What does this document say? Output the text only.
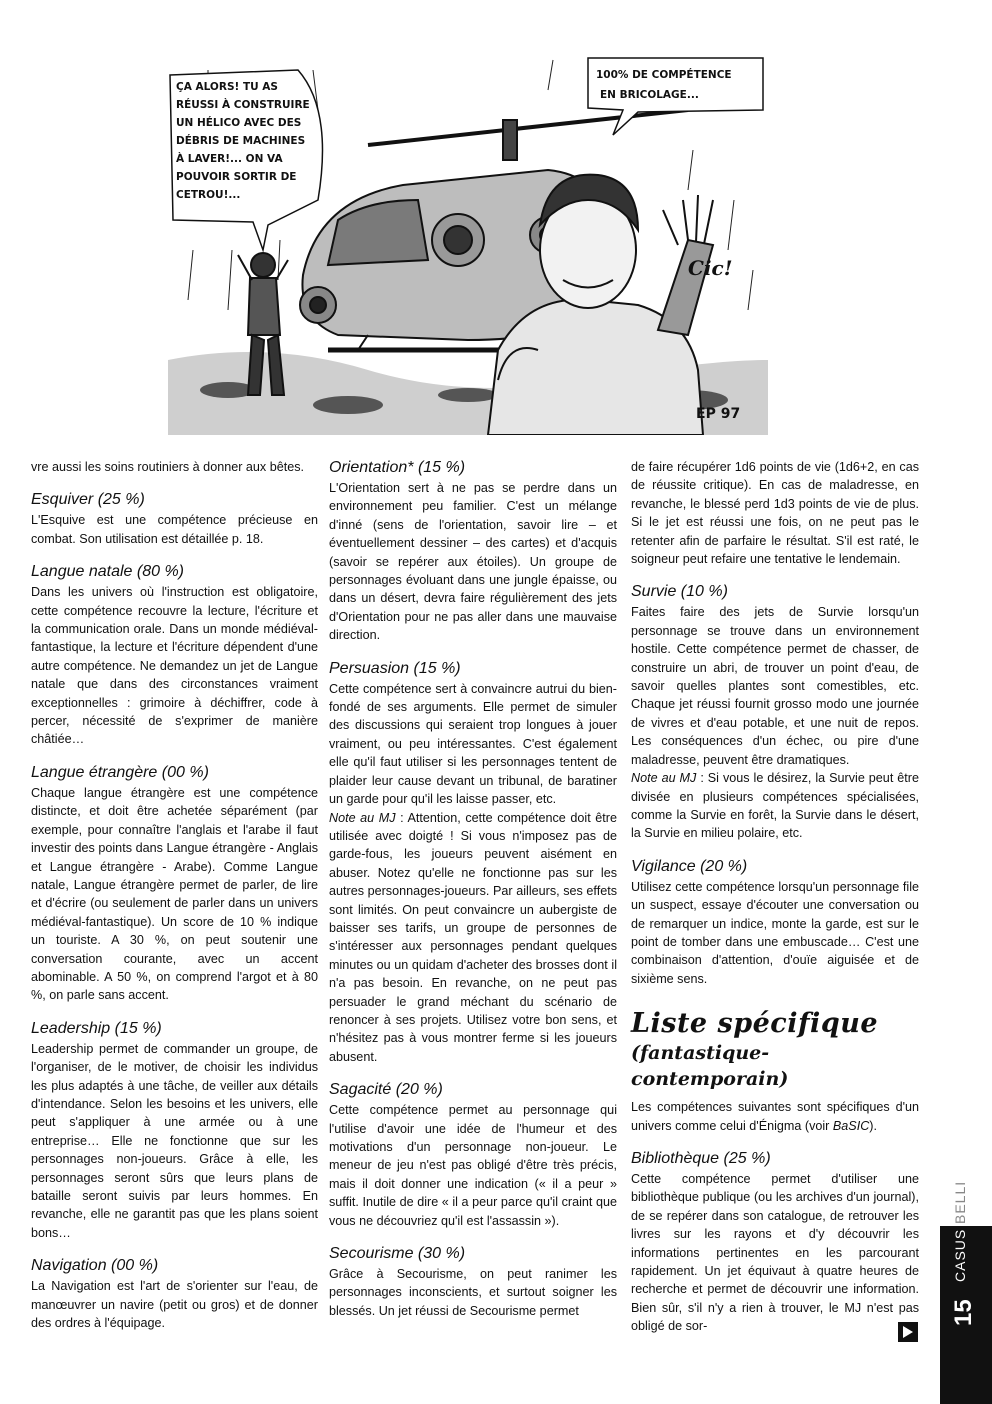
ÇA ALORS! TU AS RÉUSSI À CONSTRUIRE UN HÉLICO AVEC DES DÉBRIS DE MACHINES À LAVER!... ON VA POUVOIR SORTIR DE CETROU!...
100% DE COMPÉTENCE EN BRICOLAGE...
Cic!
EP 97

vre aussi les soins routiniers à donner aux bêtes.

Esquiver (25 %)

L'Esquive est une compétence précieuse en combat. Son utilisation est détaillée p. 18.

Langue natale (80 %)

Dans les univers où l'instruction est obligatoire, cette compétence recouvre la lecture, l'écriture et la communication orale. Dans un monde médiéval-fantastique, la lecture et l'écriture dépendent d'une autre compétence. Ne demandez un jet de Langue natale que dans des circonstances vraiment exceptionnelles : grimoire à déchiffrer, code à percer, nécessité de s'exprimer de manière châtiée…

Langue étrangère (00 %)

Chaque langue étrangère est une compétence distincte, et doit être achetée séparément (par exemple, pour connaître l'anglais et l'arabe il faut investir des points dans Langue étrangère - Anglais et Langue étrangère - Arabe). Comme Langue natale, Langue étrangère permet de parler, de lire et d'écrire (ou seulement de parler dans un univers médiéval-fantastique). Un score de 10 % indique un touriste. A 30 %, on peut soutenir une conversation courante, avec un accent abominable. A 50 %, on comprend l'argot et à 80 %, on parle sans accent.

Leadership (15 %)

Leadership permet de commander un groupe, de l'organiser, de le motiver, de choisir les individus les plus adaptés à une tâche, de veiller aux détails d'intendance. Selon les besoins et les univers, elle peut s'appliquer à une armée ou à une entreprise… Elle ne fonctionne que sur les personnages non-joueurs. Grâce à elle, les personnages seront sûrs que leurs plans de bataille seront suivis par leurs hommes. En revanche, elle ne garantit pas que les plans soient bons…

Navigation (00 %)

La Navigation est l'art de s'orienter sur l'eau, de manœuvrer un navire (petit ou gros) et de donner des ordres à l'équipage.

Orientation* (15 %)

L'Orientation sert à ne pas se perdre dans un environnement peu familier. C'est un mélange d'inné (sens de l'orientation, savoir lire – et éventuellement dessiner – des cartes) et d'acquis (savoir se repérer aux étoiles). Un groupe de personnages évoluant dans une jungle épaisse, ou dans un désert, devra faire régulièrement des jets d'Orientation pour ne pas aller dans une mauvaise direction.

Persuasion (15 %)

Cette compétence sert à convaincre autrui du bien-fondé de ses arguments. Elle permet de simuler des discussions qui seraient trop longues à jouer vraiment, ou peu intéressantes. C'est également elle qu'il faut utiliser si les personnages tentent de plaider leur cause devant un tribunal, de baratiner un garde pour qu'il les laisse passer, etc.

Note au MJ : Attention, cette compétence doit être utilisée avec doigté ! Si vous n'imposez pas de garde-fous, les joueurs peuvent aisément en abuser. Notez qu'elle ne fonctionne pas sur les autres personnages-joueurs. Par ailleurs, ses effets sont limités. On peut convaincre un aubergiste de baisser ses tarifs, un groupe de personnes de s'intéresser aux personnages pendant quelques minutes ou un quidam d'acheter des brosses dont il n'a pas besoin. En revanche, on ne peut pas persuader le grand méchant du scénario de renoncer à ses projets. Utilisez votre bon sens, et n'hésitez pas à vous montrer ferme si les joueurs abusent.

Sagacité (20 %)

Cette compétence permet au personnage qui l'utilise d'avoir une idée de l'humeur et des motivations d'un personnage non-joueur. Le meneur de jeu n'est pas obligé d'être très précis, mais il doit donner une indication (« il a peur » suffit. Inutile de dire « il a peur parce qu'il craint que vous ne découvriez qu'il est l'assassin »).

Secourisme (30 %)

Grâce à Secourisme, on peut ranimer les personnages inconscients, et surtout soigner les blessés. Un jet réussi de Secourisme permet

de faire récupérer 1d6 points de vie (1d6+2, en cas de réussite critique). En cas de maladresse, en revanche, le blessé perd 1d3 points de vie de plus. Si le jet est réussi une fois, on ne peut pas le retenter afin de parfaire le résultat. S'il est raté, le soigneur peut refaire une tentative le lendemain.

Survie (10 %)

Faites faire des jets de Survie lorsqu'un personnage se trouve dans un environnement hostile. Cette compétence permet de chasser, de construire un abri, de trouver un point d'eau, de savoir quelles plantes sont comestibles, etc. Chaque jet réussi fournit grosso modo une journée de vivres et d'eau potable, et une nuit de repos. Les conséquences d'un échec, ou pire d'une maladresse, peuvent être dramatiques.

Note au MJ : Si vous le désirez, la Survie peut être divisée en plusieurs compétences spécialisées, comme la Survie en forêt, la Survie dans le désert, la Survie en milieu polaire, etc.

Vigilance (20 %)

Utilisez cette compétence lorsqu'un personnage file un suspect, essaye d'écouter une conversation ou de remarquer un indice, monte la garde, est sur le point de tomber dans une embuscade… C'est une combinaison d'attention, d'ouïe aiguisée et de sixième sens.

Liste spécifique
(fantastique-contemporain)

Les compétences suivantes sont spécifiques d'un univers comme celui d'Énigma (voir BaSIC).

Bibliothèque (25 %)

Cette compétence permet d'utiliser une bibliothèque publique (ou les archives d'un journal), de se repérer dans son catalogue, de retrouver les livres sur les rayons et d'y découvrir les informations pertinentes en les parcourant rapidement. Un jet équivaut à quatre heures de recherche et permet de découvrir une information. Bien sûr, s'il n'y a rien à trouver, le MJ n'est pas obligé de sor-

15
CASUS
BELLI
